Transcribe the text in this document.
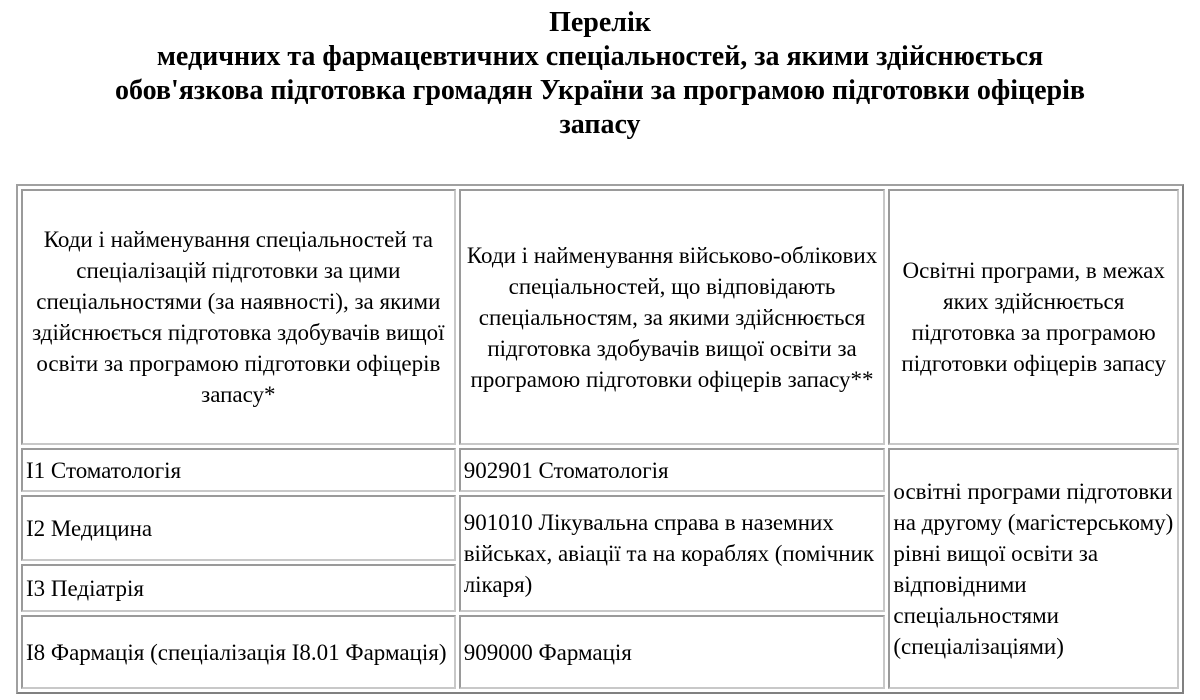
Перелік
медичних та фармацевтичних спеціальностей, за якими здійснюється
обов'язкова підготовка громадян України за програмою підготовки офіцерів
запасу
Коди і найменування спеціальностей та спеціалізацій підготовки за цими спеціальностями (за наявності), за якими здійснюється підготовка здобувачів вищої освіти за програмою підготовки офіцерів запасу*	Коди і найменування військово-облікових спеціальностей, що відповідають спеціальностям, за якими здійснюється підготовка здобувачів вищої освіти за програмою підготовки офіцерів запасу**	Освітні програми, в межах яких здійснюється підготовка за програмою підготовки офіцерів запасу
I1 Стоматологія	902901 Стоматологія	освітні програми підготовки на другому (магістерському) рівні вищої освіти за відповідними спеціальностями (спеціалізаціями)
I2 Медицина	901010 Лікувальна справа в наземних військах, авіації та на кораблях (помічник лікаря)	
I3 Педіатрія		
I8 Фармація (спеціалізація I8.01 Фармація)	909000 Фармація	
